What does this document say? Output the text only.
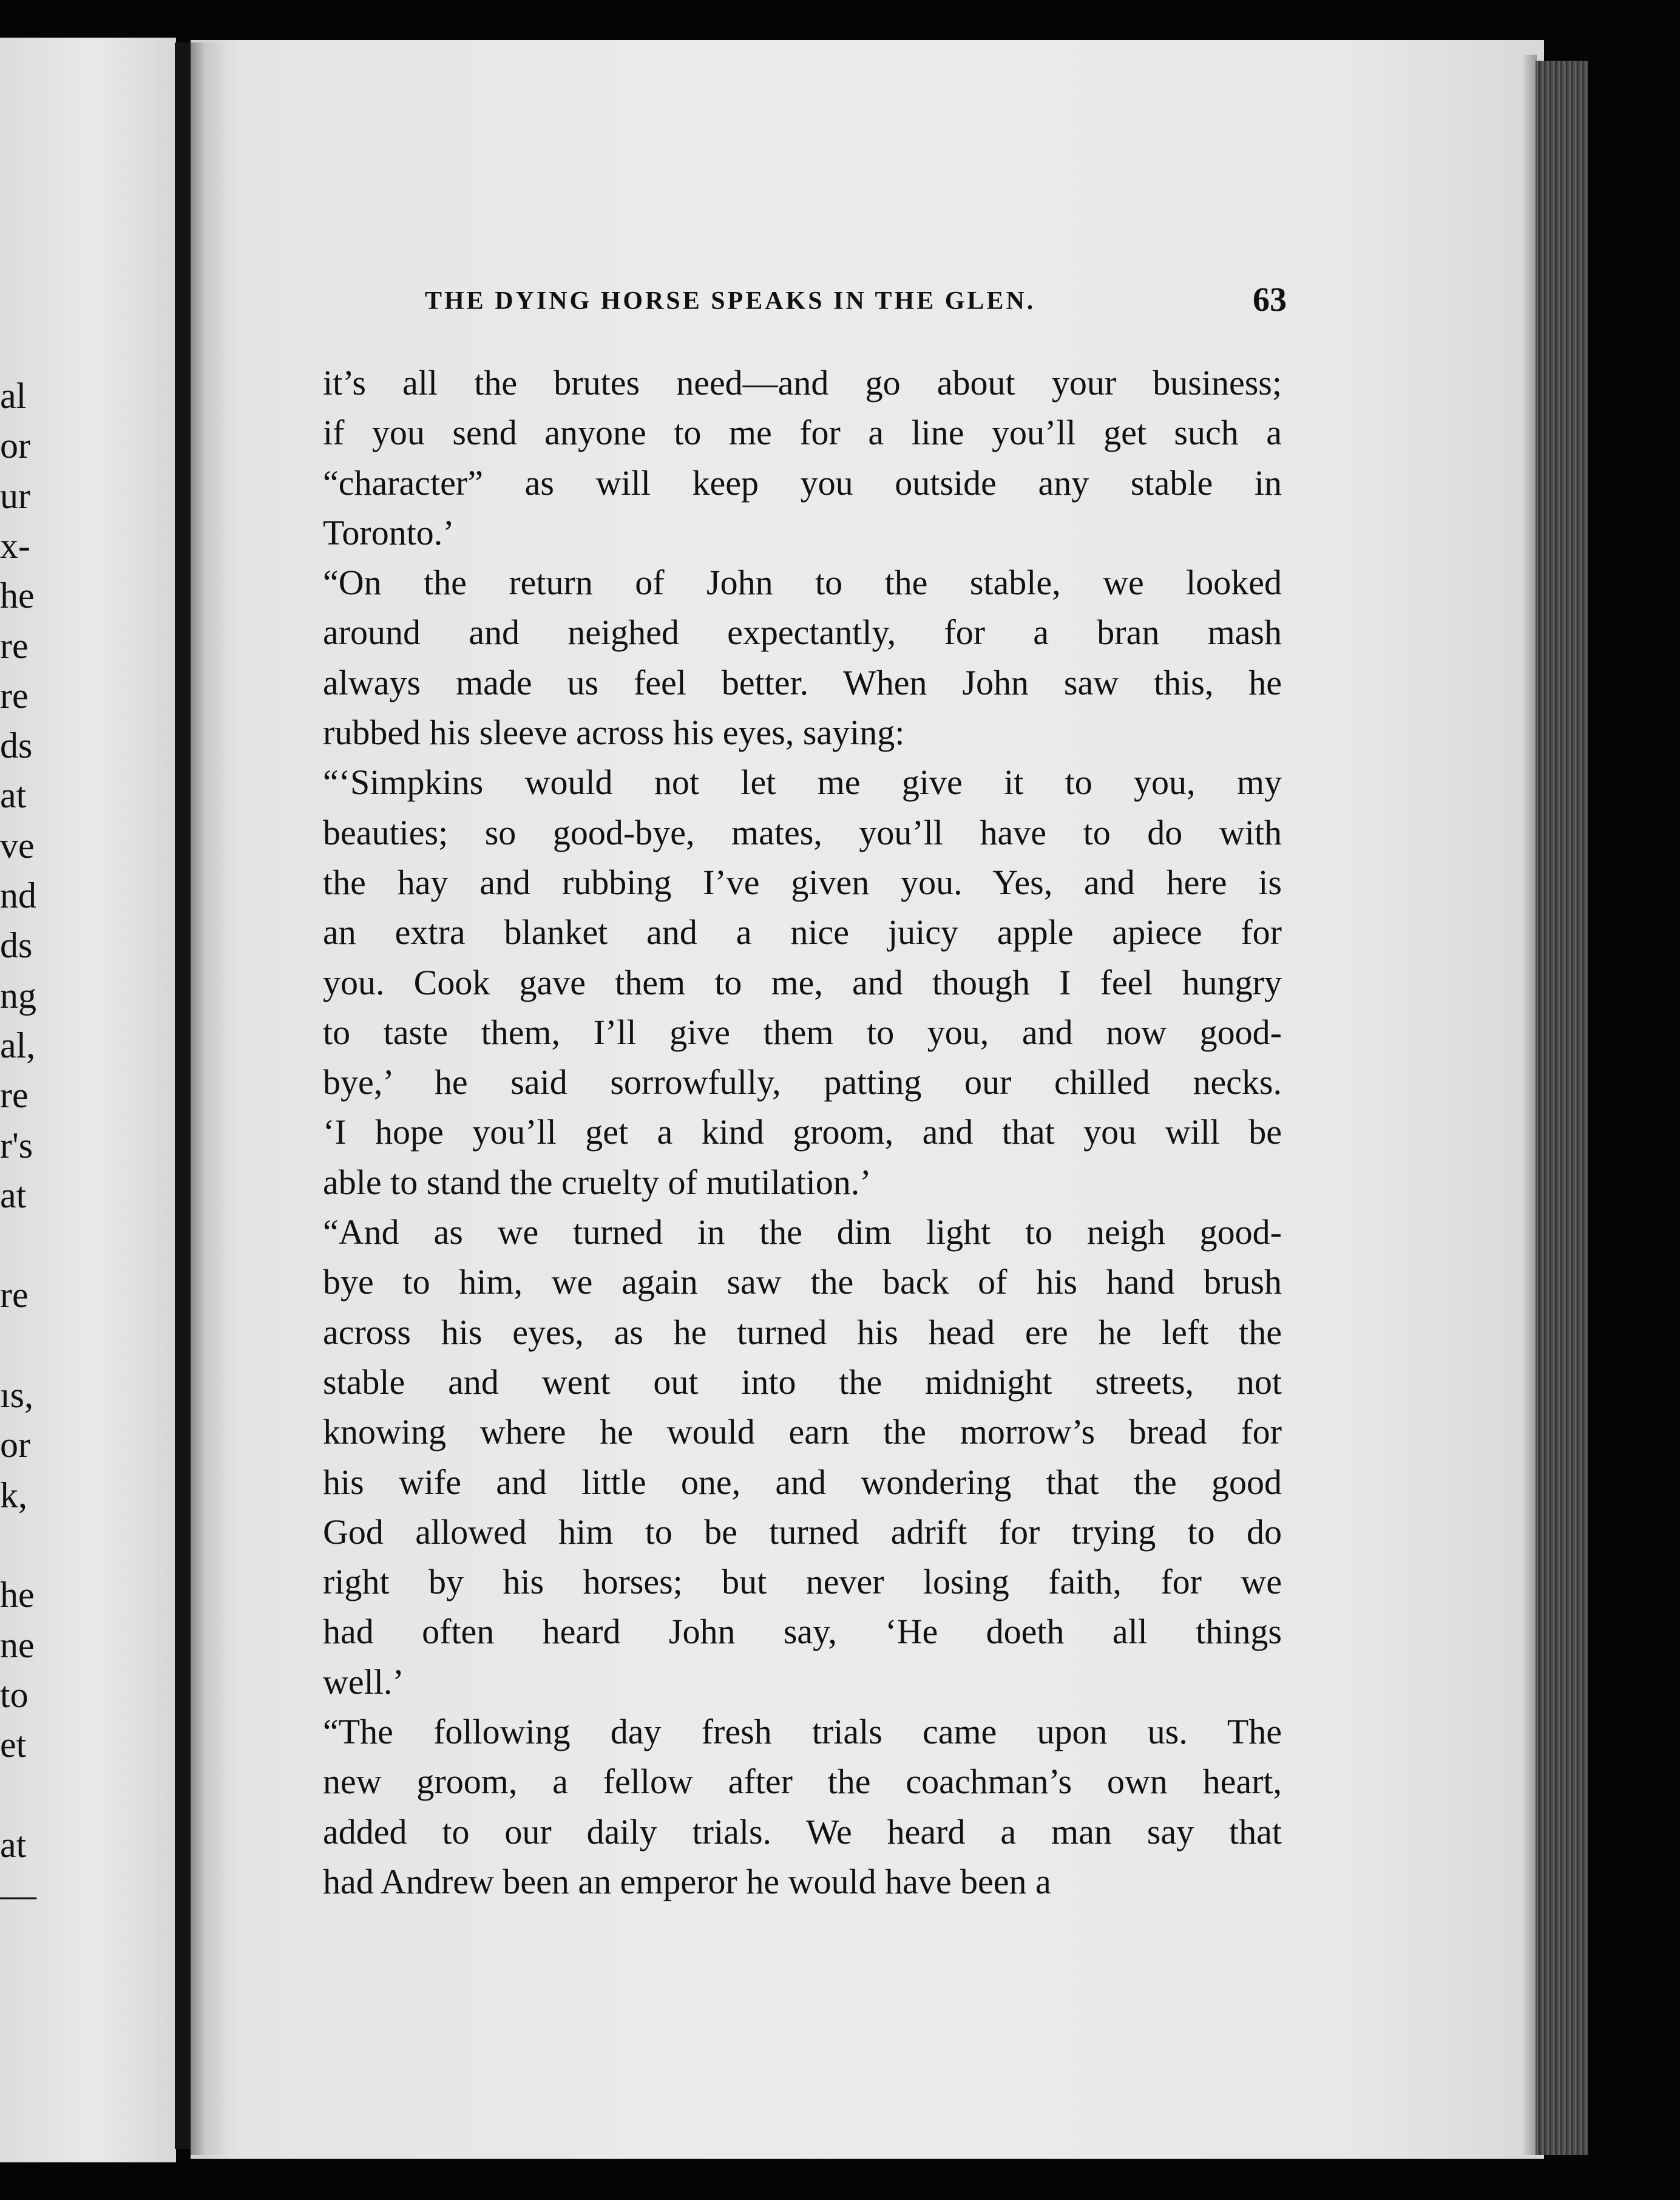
al
or
ur
x-
he
re
re
ds
at
ve
nd
ds
ng
al,
re
r's
at
re
ıs,
or
k,
he
ne
to
et
at
—
THE DYING HORSE SPEAKS IN THE GLEN.	63
it’s all the brutes need—and go about your business;
if you send anyone to me for a line you’ll get such a
“character” as will keep you outside any stable in
Toronto.’
“On the return of John to the stable, we looked
around and neighed expectantly, for a bran mash
always made us feel better. When John saw this, he
rubbed his sleeve across his eyes, saying:
“‘Simpkins would not let me give it to you, my
beauties; so good-bye, mates, you’ll have to do with
the hay and rubbing I’ve given you. Yes, and here is
an extra blanket and a nice juicy apple apiece for
you. Cook gave them to me, and though I feel hungry
to taste them, I’ll give them to you, and now good-
bye,’ he said sorrowfully, patting our chilled necks.
‘I hope you’ll get a kind groom, and that you will be
able to stand the cruelty of mutilation.’
“And as we turned in the dim light to neigh good-
bye to him, we again saw the back of his hand brush
across his eyes, as he turned his head ere he left the
stable and went out into the midnight streets, not
knowing where he would earn the morrow’s bread for
his wife and little one, and wondering that the good
God allowed him to be turned adrift for trying to do
right by his horses; but never losing faith, for we
had often heard John say, ‘He doeth all things
well.’
“The following day fresh trials came upon us. The
new groom, a fellow after the coachman’s own heart,
added to our daily trials. We heard a man say that
had Andrew been an emperor he would have been a
